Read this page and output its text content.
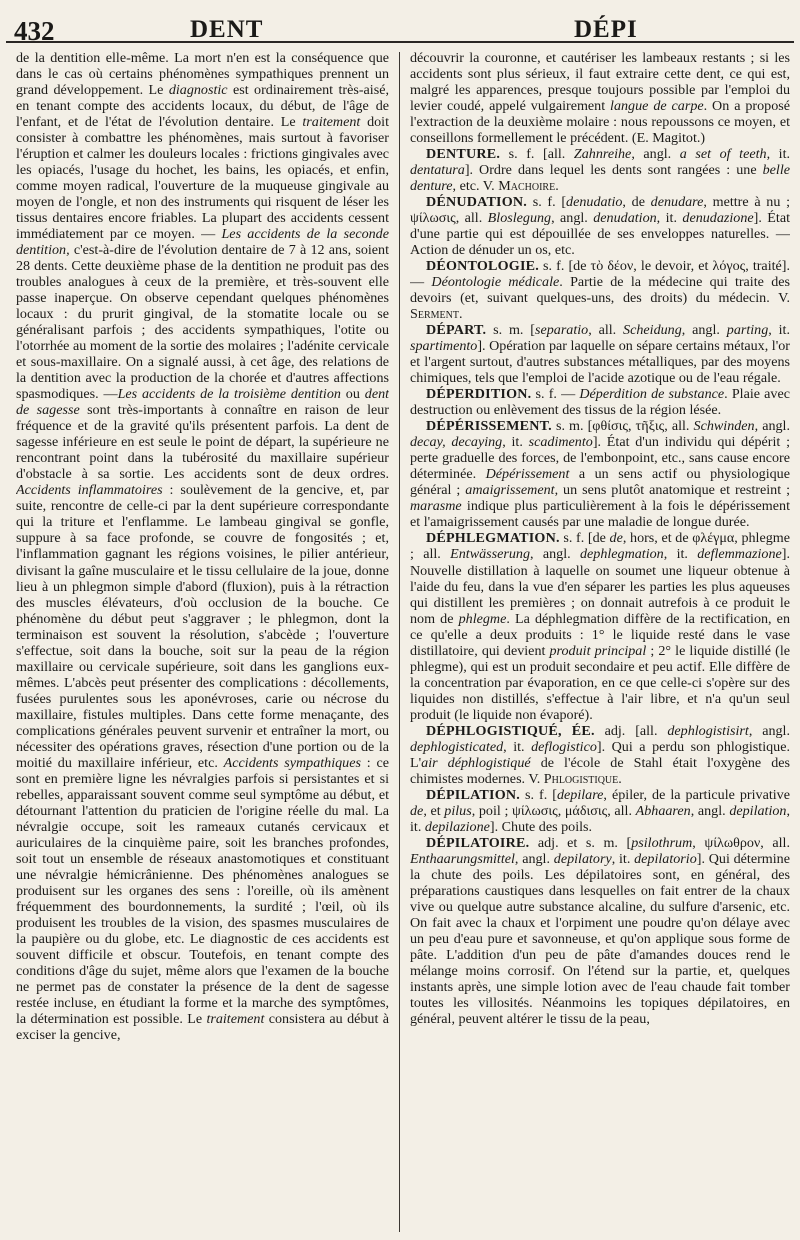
432	DENT	DÉPI

de la dentition elle-même. La mort n'en est la conséquence que dans le cas où certains phénomènes sympathiques prennent un grand développement. Le diagnostic est ordinairement très-aisé, en tenant compte des accidents locaux, du début, de l'âge de l'enfant, et de l'état de l'évolution dentaire. Le traitement doit consister à combattre les phénomènes, mais surtout à favoriser l'éruption et calmer les douleurs locales : frictions gingivales avec les opiacés, l'usage du hochet, les bains, les opiacés, et enfin, comme moyen radical, l'ouverture de la muqueuse gingivale au moyen de l'ongle, et non des instruments qui risquent de léser les tissus dentaires encore friables. La plupart des accidents cessent immédiatement par ce moyen. — Les accidents de la seconde dentition, c'est-à-dire de l'évolution dentaire de 7 à 12 ans, soient 28 dents. Cette deuxième phase de la dentition ne produit pas des troubles analogues à ceux de la première, et très-souvent elle passe inaperçue. On observe cependant quelques phénomènes locaux : du prurit gingival, de la stomatite locale ou se généralisant parfois ; des accidents sympathiques, l'otite ou l'otorrhée au moment de la sortie des molaires ; l'adénite cervicale et sous-maxillaire. On a signalé aussi, à cet âge, des relations de la dentition avec la production de la chorée et d'autres affections spasmodiques. —Les accidents de la troisième dentition ou dent de sagesse sont très-importants à connaître en raison de leur fréquence et de la gravité qu'ils présentent parfois. La dent de sagesse inférieure en est seule le point de départ, la supérieure ne rencontrant point dans la tubérosité du maxillaire supérieur d'obstacle à sa sortie. Les accidents sont de deux ordres. Accidents inflammatoires : soulèvement de la gencive, et, par suite, rencontre de celle-ci par la dent supérieure correspondante qui la triture et l'enflamme. Le lambeau gingival se gonfle, suppure à sa face profonde, se couvre de fongosités ; et, l'inflammation gagnant les régions voisines, le pilier antérieur, divisant la gaîne musculaire et le tissu cellulaire de la joue, donne lieu à un phlegmon simple d'abord (fluxion), puis à la rétraction des muscles élévateurs, d'où occlusion de la bouche. Ce phénomène du début peut s'aggraver ; le phlegmon, dont la terminaison est souvent la résolution, s'abcède ; l'ouverture s'effectue, soit dans la bouche, soit sur la peau de la région maxillaire ou cervicale supérieure, soit dans les ganglions eux-mêmes. L'abcès peut présenter des complications : décollements, fusées purulentes sous les aponévroses, carie ou nécrose du maxillaire, fistules multiples. Dans cette forme menaçante, des complications générales peuvent survenir et entraîner la mort, ou nécessiter des opérations graves, résection d'une portion ou de la moitié du maxillaire inférieur, etc. Accidents sympathiques : ce sont en première ligne les névralgies parfois si persistantes et si rebelles, apparaissant souvent comme seul symptôme au début, et détournant l'attention du praticien de l'origine réelle du mal. La névralgie occupe, soit les rameaux cutanés cervicaux et auriculaires de la cinquième paire, soit les branches profondes, soit tout un ensemble de réseaux anastomotiques et constituant une névralgie hémicrânienne. Des phénomènes analogues se produisent sur les organes des sens : l'oreille, où ils amènent fréquemment des bourdonnements, la surdité ; l'œil, où ils produisent les troubles de la vision, des spasmes musculaires de la paupière ou du globe, etc. Le diagnostic de ces accidents est souvent difficile et obscur. Toutefois, en tenant compte des conditions d'âge du sujet, même alors que l'examen de la bouche ne permet pas de constater la présence de la dent de sagesse restée incluse, en étudiant la forme et la marche des symptômes, la détermination est possible. Le traitement consistera au début à exciser la gencive,

découvrir la couronne, et cautériser les lambeaux restants ; si les accidents sont plus sérieux, il faut extraire cette dent, ce qui est, malgré les apparences, presque toujours possible par l'emploi du levier coudé, appelé vulgairement langue de carpe. On a proposé l'extraction de la deuxième molaire : nous repoussons ce moyen, et conseillons formellement le précédent. (E. Magitot.)

DENTURE. s. f. [all. Zahnreihe, angl. a set of teeth, it. dentatura]. Ordre dans lequel les dents sont rangées : une belle denture, etc. V. Machoire.

DÉNUDATION. s. f. [denudatio, de denudare, mettre à nu ; ψίλωσις, all. Bloslegung, angl. denudation, it. denudazione]. État d'une partie qui est dépouillée de ses enveloppes naturelles. — Action de dénuder un os, etc.

DÉONTOLOGIE. s. f. [de τὸ δέον, le devoir, et λόγος, traité]. — Déontologie médicale. Partie de la médecine qui traite des devoirs (et, suivant quelques-uns, des droits) du médecin. V. Serment.

DÉPART. s. m. [separatio, all. Scheidung, angl. parting, it. spartimento]. Opération par laquelle on sépare certains métaux, l'or et l'argent surtout, d'autres substances métalliques, par des moyens chimiques, tels que l'emploi de l'acide azotique ou de l'eau régale.

DÉPERDITION. s. f. — Déperdition de substance. Plaie avec destruction ou enlèvement des tissus de la région lésée.

DÉPÉRISSEMENT. s. m. [φθίσις, τῆξις, all. Schwinden, angl. decay, decaying, it. scadimento]. État d'un individu qui dépérit ; perte graduelle des forces, de l'embonpoint, etc., sans cause encore déterminée. Dépérissement a un sens actif ou physiologique général ; amaigrissement, un sens plutôt anatomique et restreint ; marasme indique plus particulièrement à la fois le dépérissement et l'amaigrissement causés par une maladie de longue durée.

DÉPHLEGMATION. s. f. [de de, hors, et de φλέγμα, phlegme ; all. Entwässerung, angl. dephlegmation, it. deflemmazione]. Nouvelle distillation à laquelle on soumet une liqueur obtenue à l'aide du feu, dans la vue d'en séparer les parties les plus aqueuses qui distillent les premières ; on donnait autrefois à ce produit le nom de phlegme. La déphlegmation diffère de la rectification, en ce qu'elle a deux produits : 1° le liquide resté dans le vase distillatoire, qui devient produit principal ; 2° le liquide distillé (le phlegme), qui est un produit secondaire et peu actif. Elle diffère de la concentration par évaporation, en ce que celle-ci s'opère sur des liquides non distillés, s'effectue à l'air libre, et n'a qu'un seul produit (le liquide non évaporé).

DÉPHLOGISTIQUÉ, ÉE. adj. [all. dephlogistisirt, angl. dephlogisticated, it. deflogistico]. Qui a perdu son phlogistique. L'air déphlogistiqué de l'école de Stahl était l'oxygène des chimistes modernes. V. Phlogistique.

DÉPILATION. s. f. [depilare, épiler, de la particule privative de, et pilus, poil ; ψίλωσις, μάδισις, all. Abhaaren, angl. depilation, it. depilazione]. Chute des poils.

DÉPILATOIRE. adj. et s. m. [psilothrum, ψίλωθρον, all. Enthaarungsmittel, angl. depilatory, it. depilatorio]. Qui détermine la chute des poils. Les dépilatoires sont, en général, des préparations caustiques dans lesquelles on fait entrer de la chaux vive ou quelque autre substance alcaline, du sulfure d'arsenic, etc. On fait avec la chaux et l'orpiment une poudre qu'on délaye avec un peu d'eau pure et savonneuse, et qu'on applique sous forme de pâte. L'addition d'un peu de pâte d'amandes douces rend le mélange moins corrosif. On l'étend sur la partie, et, quelques instants après, une simple lotion avec de l'eau chaude fait tomber toutes les villosités. Néanmoins les topiques dépilatoires, en général, peuvent altérer le tissu de la peau,
